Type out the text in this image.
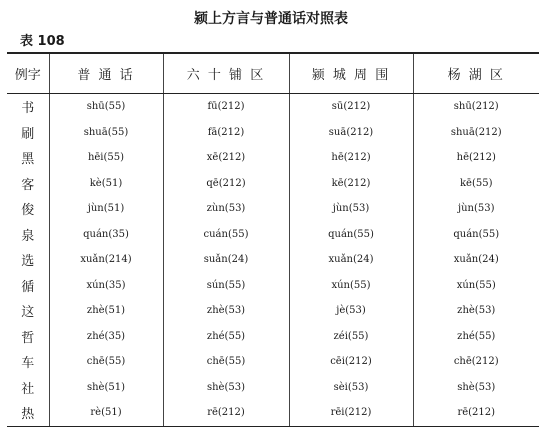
颍上方言与普通话对照表
表 108
例字	普 通 话	六 十 铺 区	颍 城 周 围	杨 湖 区
书	shū(55)	fū(212)	sū(212)	shū(212)
刷	shuā(55)	fā(212)	suā(212)	shuā(212)
黑	hēi(55)	xē(212)	hē(212)	hē(212)
客	kè(51)	qē(212)	kē(212)	kē(55)
俊	jùn(51)	zùn(53)	jùn(53)	jùn(53)
泉	quán(35)	cuán(55)	quán(55)	quán(55)
选	xuǎn(214)	suǎn(24)	xuǎn(24)	xuǎn(24)
循	xún(35)	sún(55)	xún(55)	xún(55)
这	zhè(51)	zhè(53)	jè(53)	zhè(53)
哲	zhé(35)	zhé(55)	zéi(55)	zhé(55)
车	chē(55)	chē(55)	cēi(212)	chē(212)
社	shè(51)	shè(53)	sèi(53)	shè(53)
热	rè(51)	rē(212)	rēi(212)	rē(212)
